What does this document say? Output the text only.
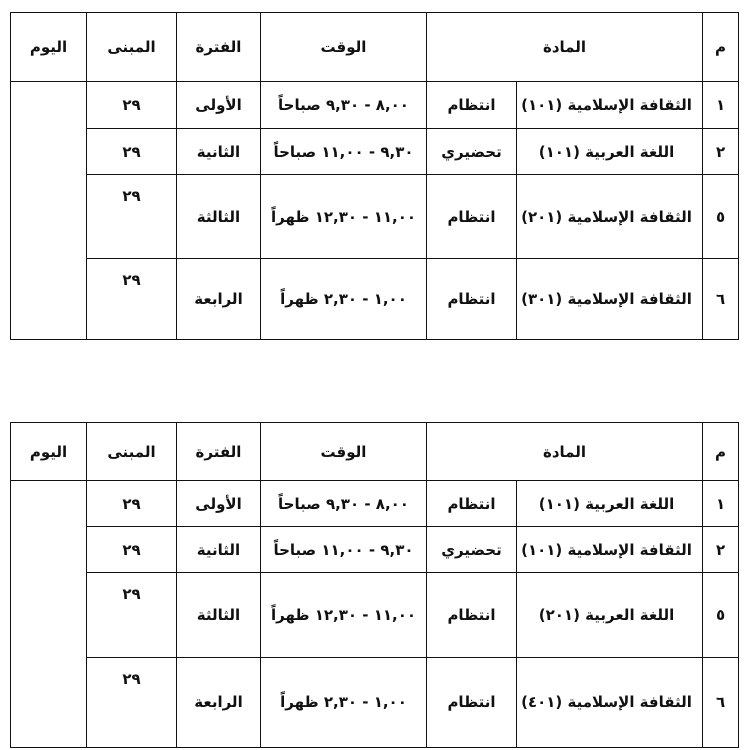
م	المادة		الوقت	الفترة	المبنى	اليوم
١	الثقافة الإسلامية (١٠١)	انتظام	٨,٠٠ - ٩,٣٠ صباحاً	الأولى	٢٩	
٢	اللغة العربية (١٠١)	تحضيري	٩,٣٠ - ١١,٠٠ صباحاً	الثانية	٢٩	
٥	الثقافة الإسلامية (٢٠١)	انتظام	١١,٠٠ - ١٢,٣٠ ظهراً	الثالثة	٢٩	
٦	الثقافة الإسلامية (٣٠١)	انتظام	١,٠٠ - ٢,٣٠ ظهراً	الرابعة	٢٩	
م	المادة		الوقت	الفترة	المبنى	اليوم
١	اللغة العربية (١٠١)	انتظام	٨,٠٠ - ٩,٣٠ صباحاً	الأولى	٢٩	
٢	الثقافة الإسلامية (١٠١)	تحضيري	٩,٣٠ - ١١,٠٠ صباحاً	الثانية	٢٩	
٥	اللغة العربية (٢٠١)	انتظام	١١,٠٠ - ١٢,٣٠ ظهراً	الثالثة	٢٩	
٦	الثقافة الإسلامية (٤٠١)	انتظام	١,٠٠ - ٢,٣٠ ظهراً	الرابعة	٢٩	
